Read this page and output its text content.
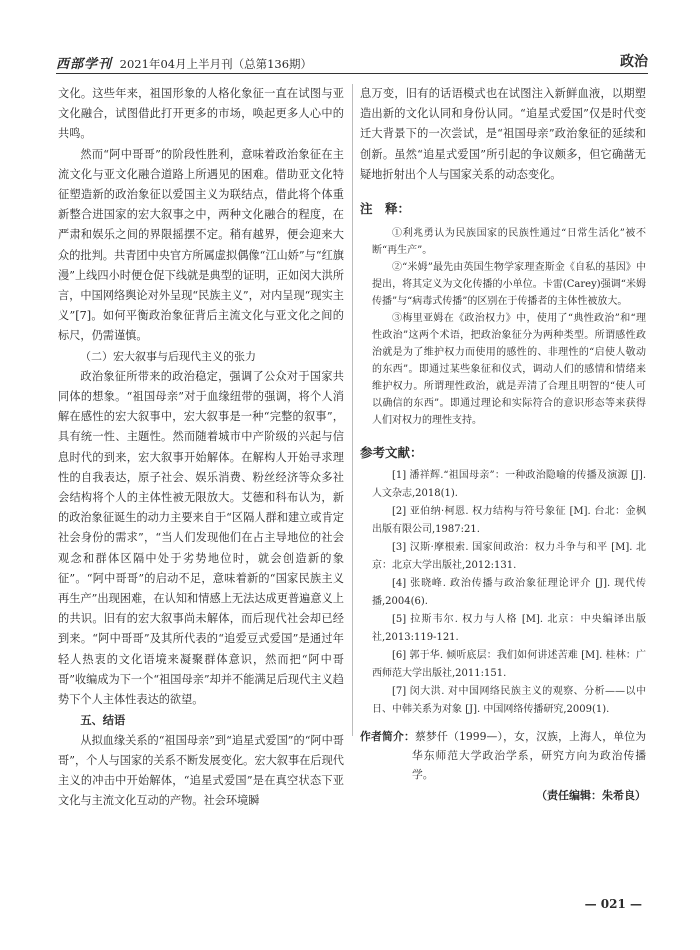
西部学刊 2021年04月上半月刊（总第136期）	政治

文化。这些年来，祖国形象的人格化象征一直在试图与亚文化融合，试图借此打开更多的市场，唤起更多人心中的共鸣。

然而“阿中哥哥”的阶段性胜利，意味着政治象征在主流文化与亚文化融合道路上所遇见的困难。借助亚文化特征塑造新的政治象征以爱国主义为联结点，借此将个体重新整合进国家的宏大叙事之中，两种文化融合的程度，在严肃和娱乐之间的界限摇摆不定。稍有越界，便会迎来大众的批判。共青团中央官方所属虚拟偶像“江山娇”与“红旗漫”上线四小时便仓促下线就是典型的证明，正如闵大洪所言，中国网络舆论对外呈现“民族主义”，对内呈现“现实主义”[7]。如何平衡政治象征背后主流文化与亚文化之间的标尺，仍需谨慎。

（二）宏大叙事与后现代主义的张力

政治象征所带来的政治稳定，强调了公众对于国家共同体的想象。“祖国母亲”对于血缘纽带的强调，将个人消解在感性的宏大叙事中，宏大叙事是一种“完整的叙事”，具有统一性、主题性。然而随着城市中产阶级的兴起与信息时代的到来，宏大叙事开始解体。在解构人开始寻求理性的自我表达，原子社会、娱乐消费、粉丝经济等众多社会结构将个人的主体性被无限放大。艾德和科布认为，新的政治象征诞生的动力主要来自于“区隔人群和建立或肯定社会身份的需求”，“当人们发现他们在占主导地位的社会观念和群体区隔中处于劣势地位时，就会创造新的象征”。“阿中哥哥”的启动不足，意味着新的“国家民族主义再生产”出现困难，在认知和情感上无法达成更普遍意义上的共识。旧有的宏大叙事尚未解体，而后现代社会却已经到来。“阿中哥哥”及其所代表的“追爱豆式爱国”是通过年轻人热衷的文化语境来凝聚群体意识，然而把“阿中哥哥”收编成为下一个“祖国母亲”却并不能满足后现代主义趋势下个人主体性表达的欲望。

五、结语

从拟血缘关系的“祖国母亲”到“追星式爱国”的“阿中哥哥”，个人与国家的关系不断发展变化。宏大叙事在后现代主义的冲击中开始解体，“追星式爱国”是在真空状态下亚文化与主流文化互动的产物。社会环境瞬

息万变，旧有的话语模式也在试图注入新鲜血液，以期塑造出新的文化认同和身份认同。“追星式爱国”仅是时代变迁大背景下的一次尝试，是“祖国母亲”政治象征的延续和创新。虽然“追星式爱国”所引起的争议颇多，但它确凿无疑地折射出个人与国家关系的动态变化。

注　释：

①利兆勇认为民族国家的民族性通过“日常生活化”被不断“再生产”。

②“米姆”最先由英国生物学家理查斯金《自私的基因》中提出，将其定义为文化传播的小单位。卡雷(Carey)强调“米姆传播”与“病毒式传播”的区别在于传播者的主体性被放大。

③梅里亚姆在《政治权力》中，使用了“典性政治”和“理性政治”这两个术语，把政治象征分为两种类型。所谓感性政治就是为了维护权力而使用的感性的、非理性的“启使人敬动的东西”。即通过某些象征和仪式，调动人们的感情和情绪来维护权力。所谓理性政治，就是弄清了合理且明智的“使人可以确信的东西”。即通过理论和实际符合的意识形态等来获得人们对权力的理性支持。

参考文献：

[1] 潘祥辉.“祖国母亲”：一种政治隐喻的传播及演源 [J]. 人文杂志,2018(1).

[2] 亚伯纳·柯恩. 权力结构与符号象征 [M]. 台北：金枫出版有限公司,1987:21.

[3] 汉斯·摩根索. 国家间政治：权力斗争与和平 [M]. 北京：北京大学出版社,2012:131.

[4] 张晓峰. 政治传播与政治象征理论评介 [J]. 现代传播,2004(6).

[5] 拉斯韦尔. 权力与人格 [M]. 北京：中央编译出版社,2013:119-121.

[6] 郭于华. 倾听底层：我们如何讲述苦难 [M]. 桂林：广西师范大学出版社,2011:151.

[7] 闵大洪. 对中国网络民族主义的观察、分析——以中日、中韩关系为对象 [J]. 中国网络传播研究,2009(1).

作者简介：蔡梦仟（1999—），女，汉族，上海人，单位为华东师范大学政治学系，研究方向为政治传播学。
（责任编辑：朱希良）
— 021 —
